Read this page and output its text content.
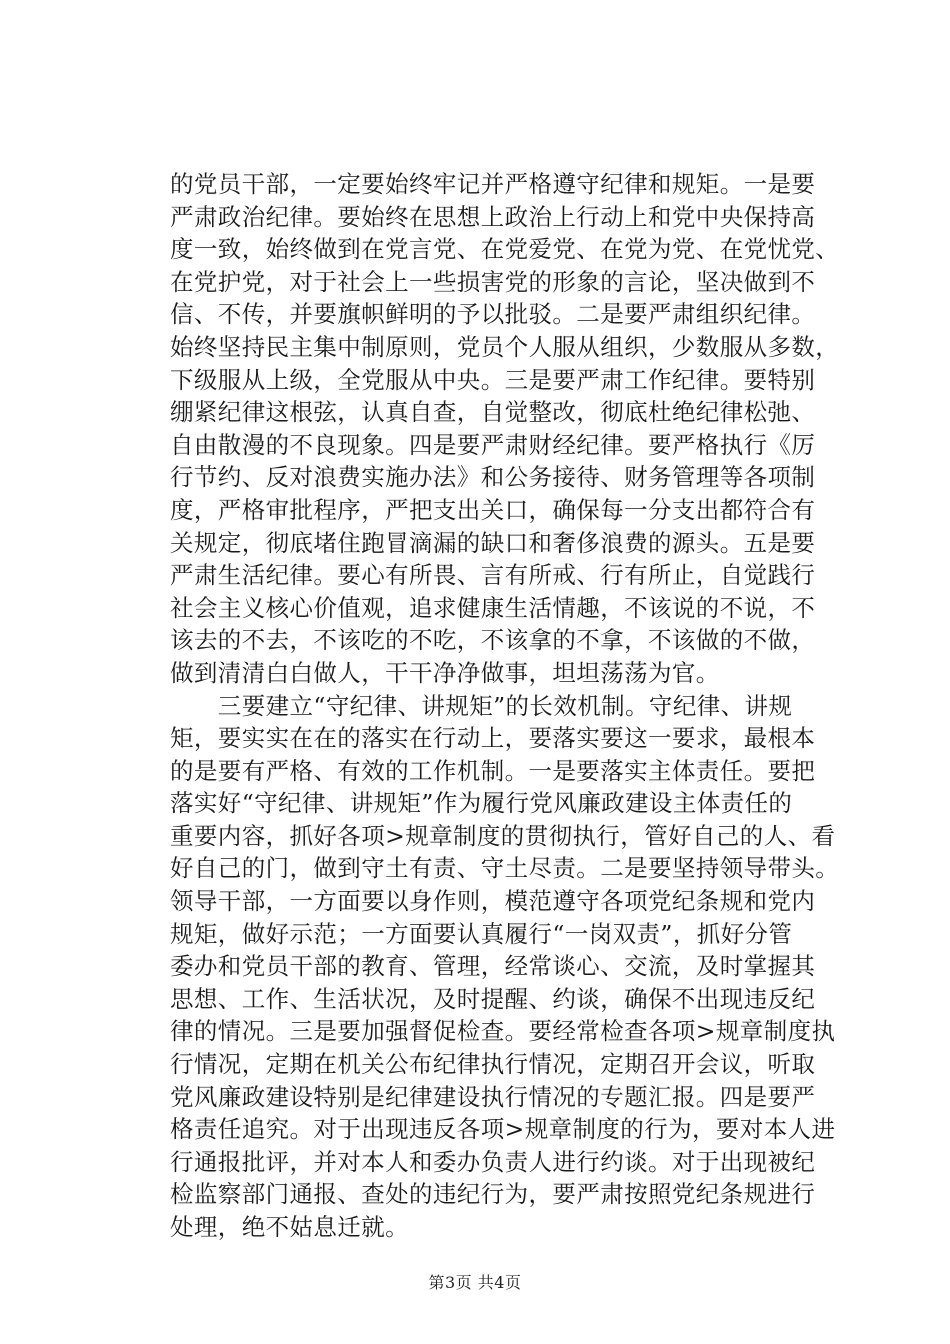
的党员干部，一定要始终牢记并严格遵守纪律和规矩。一是要
严肃政治纪律。要始终在思想上政治上行动上和党中央保持高
度一致，始终做到在党言党、在党爱党、在党为党、在党忧党、
在党护党，对于社会上一些损害党的形象的言论，坚决做到不
信、不传，并要旗帜鲜明的予以批驳。二是要严肃组织纪律。
始终坚持民主集中制原则，党员个人服从组织，少数服从多数，
下级服从上级，全党服从中央。三是要严肃工作纪律。要特别
绷紧纪律这根弦，认真自查，自觉整改，彻底杜绝纪律松弛、
自由散漫的不良现象。四是要严肃财经纪律。要严格执行《厉
行节约、反对浪费实施办法》和公务接待、财务管理等各项制
度，严格审批程序，严把支出关口，确保每一分支出都符合有
关规定，彻底堵住跑冒滴漏的缺口和奢侈浪费的源头。五是要
严肃生活纪律。要心有所畏、言有所戒、行有所止，自觉践行
社会主义核心价值观，追求健康生活情趣，不该说的不说，不
该去的不去，不该吃的不吃，不该拿的不拿，不该做的不做，
做到清清白白做人，干干净净做事，坦坦荡荡为官。
　　三要建立“守纪律、讲规矩”的长效机制。守纪律、讲规
矩，要实实在在的落实在行动上，要落实要这一要求，最根本
的是要有严格、有效的工作机制。一是要落实主体责任。要把
落实好“守纪律、讲规矩”作为履行党风廉政建设主体责任的
重要内容，抓好各项>规章制度的贯彻执行，管好自己的人、看
好自己的门，做到守土有责、守土尽责。二是要坚持领导带头。
领导干部，一方面要以身作则，模范遵守各项党纪条规和党内
规矩，做好示范；一方面要认真履行“一岗双责”，抓好分管
委办和党员干部的教育、管理，经常谈心、交流，及时掌握其
思想、工作、生活状况，及时提醒、约谈，确保不出现违反纪
律的情况。三是要加强督促检查。要经常检查各项>规章制度执
行情况，定期在机关公布纪律执行情况，定期召开会议，听取
党风廉政建设特别是纪律建设执行情况的专题汇报。四是要严
格责任追究。对于出现违反各项>规章制度的行为，要对本人进
行通报批评，并对本人和委办负责人进行约谈。对于出现被纪
检监察部门通报、查处的违纪行为，要严肃按照党纪条规进行
处理，绝不姑息迁就。
第3页 共4页
